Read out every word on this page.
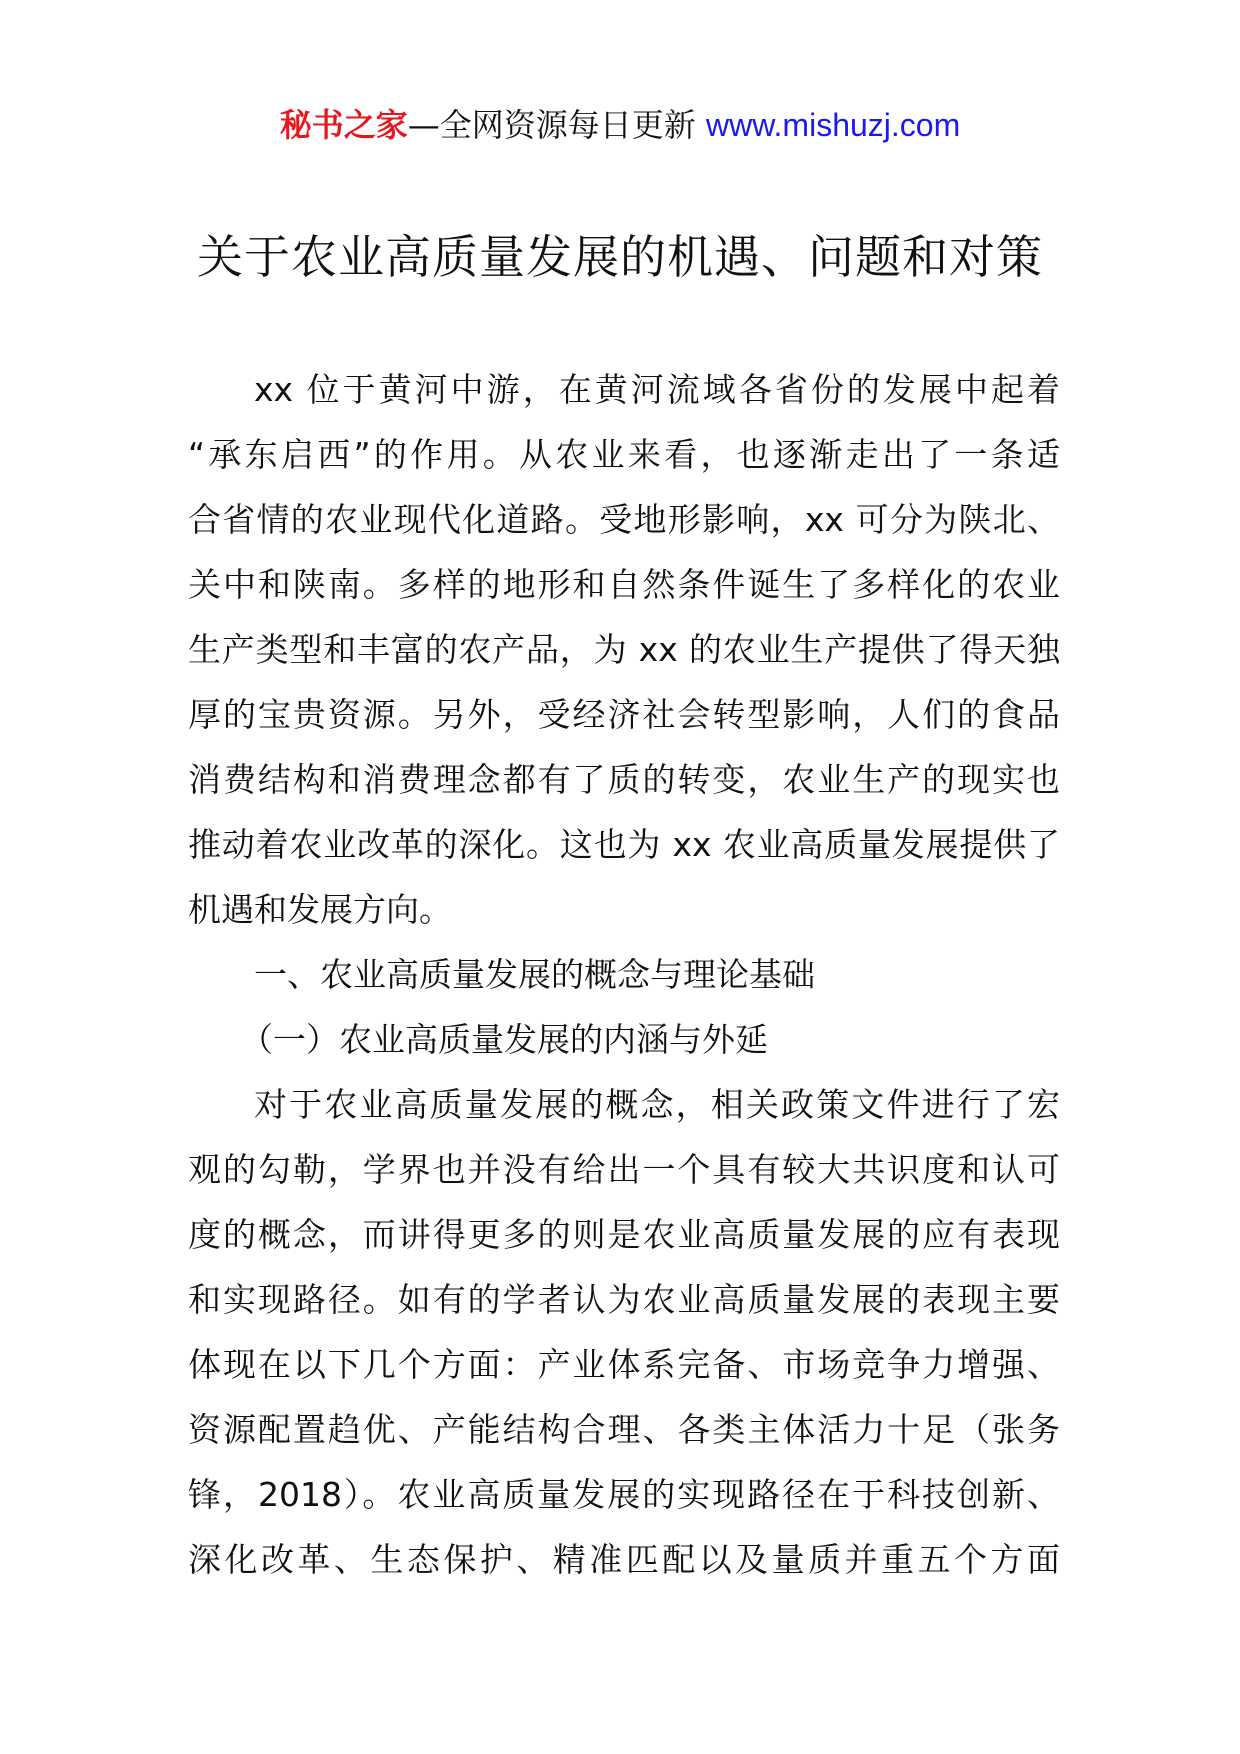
秘书之家—全网资源每日更新 www.mishuzj.com
关于农业高质量发展的机遇、问题和对策
xx 位于黄河中游，在黄河流域各省份的发展中起着
“承东启西”的作用。从农业来看，也逐渐走出了一条适
合省情的农业现代化道路。受地形影响，xx 可分为陕北、
关中和陕南。多样的地形和自然条件诞生了多样化的农业
生产类型和丰富的农产品，为 xx 的农业生产提供了得天独
厚的宝贵资源。另外，受经济社会转型影响，人们的食品
消费结构和消费理念都有了质的转变，农业生产的现实也
推动着农业改革的深化。这也为 xx 农业高质量发展提供了
机遇和发展方向。
一、农业高质量发展的概念与理论基础
（一）农业高质量发展的内涵与外延
对于农业高质量发展的概念，相关政策文件进行了宏
观的勾勒，学界也并没有给出一个具有较大共识度和认可
度的概念，而讲得更多的则是农业高质量发展的应有表现
和实现路径。如有的学者认为农业高质量发展的表现主要
体现在以下几个方面：产业体系完备、市场竞争力增强、
资源配置趋优、产能结构合理、各类主体活力十足（张务
锋，2018）。农业高质量发展的实现路径在于科技创新、
深化改革、生态保护、精准匹配以及量质并重五个方面
